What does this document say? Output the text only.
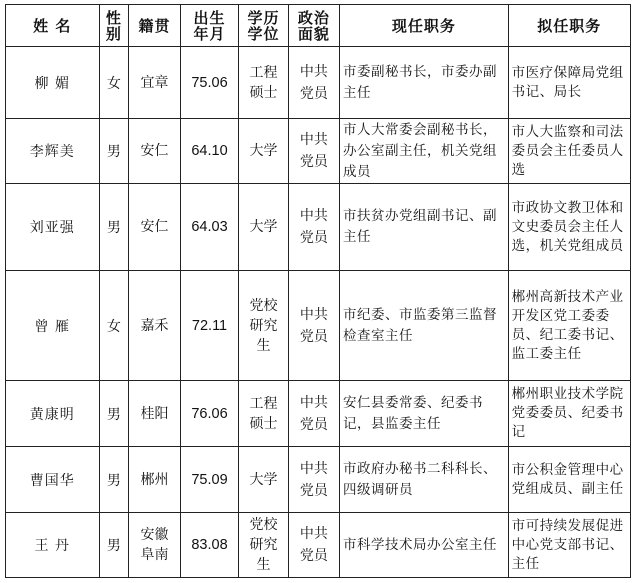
姓 名	性别	籍贯	出生年月	学历学位	政治面貌	现任职务	拟任职务
柳 媚	女	宜章	75.06	工程硕士	中共党员	市委副秘书长，市委办副主任	市医疗保障局党组书记、局长
李辉美	男	安仁	64.10	大学	中共党员	市人大常委会副秘书长，办公室副主任，机关党组成员	市人大监察和司法委员会主任委员人选
刘亚强	男	安仁	64.03	大学	中共党员	市扶贫办党组副书记、副主任	市政协文教卫体和文史委员会主任人选，机关党组成员
曾 雁	女	嘉禾	72.11	党校研究生	中共党员	市纪委、市监委第三监督检查室主任	郴州高新技术产业开发区党工委委员、纪工委书记、监工委主任
黄康明	男	桂阳	76.06	工程硕士	中共党员	安仁县委常委、纪委书记，县监委主任	郴州职业技术学院党委委员、纪委书记
曹国华	男	郴州	75.09	大学	中共党员	市政府办秘书二科科长、四级调研员	市公积金管理中心党组成员、副主任
王 丹	男	安徽阜南	83.08	党校研究生	中共党员	市科学技术局办公室主任	市可持续发展促进中心党支部书记、主任
